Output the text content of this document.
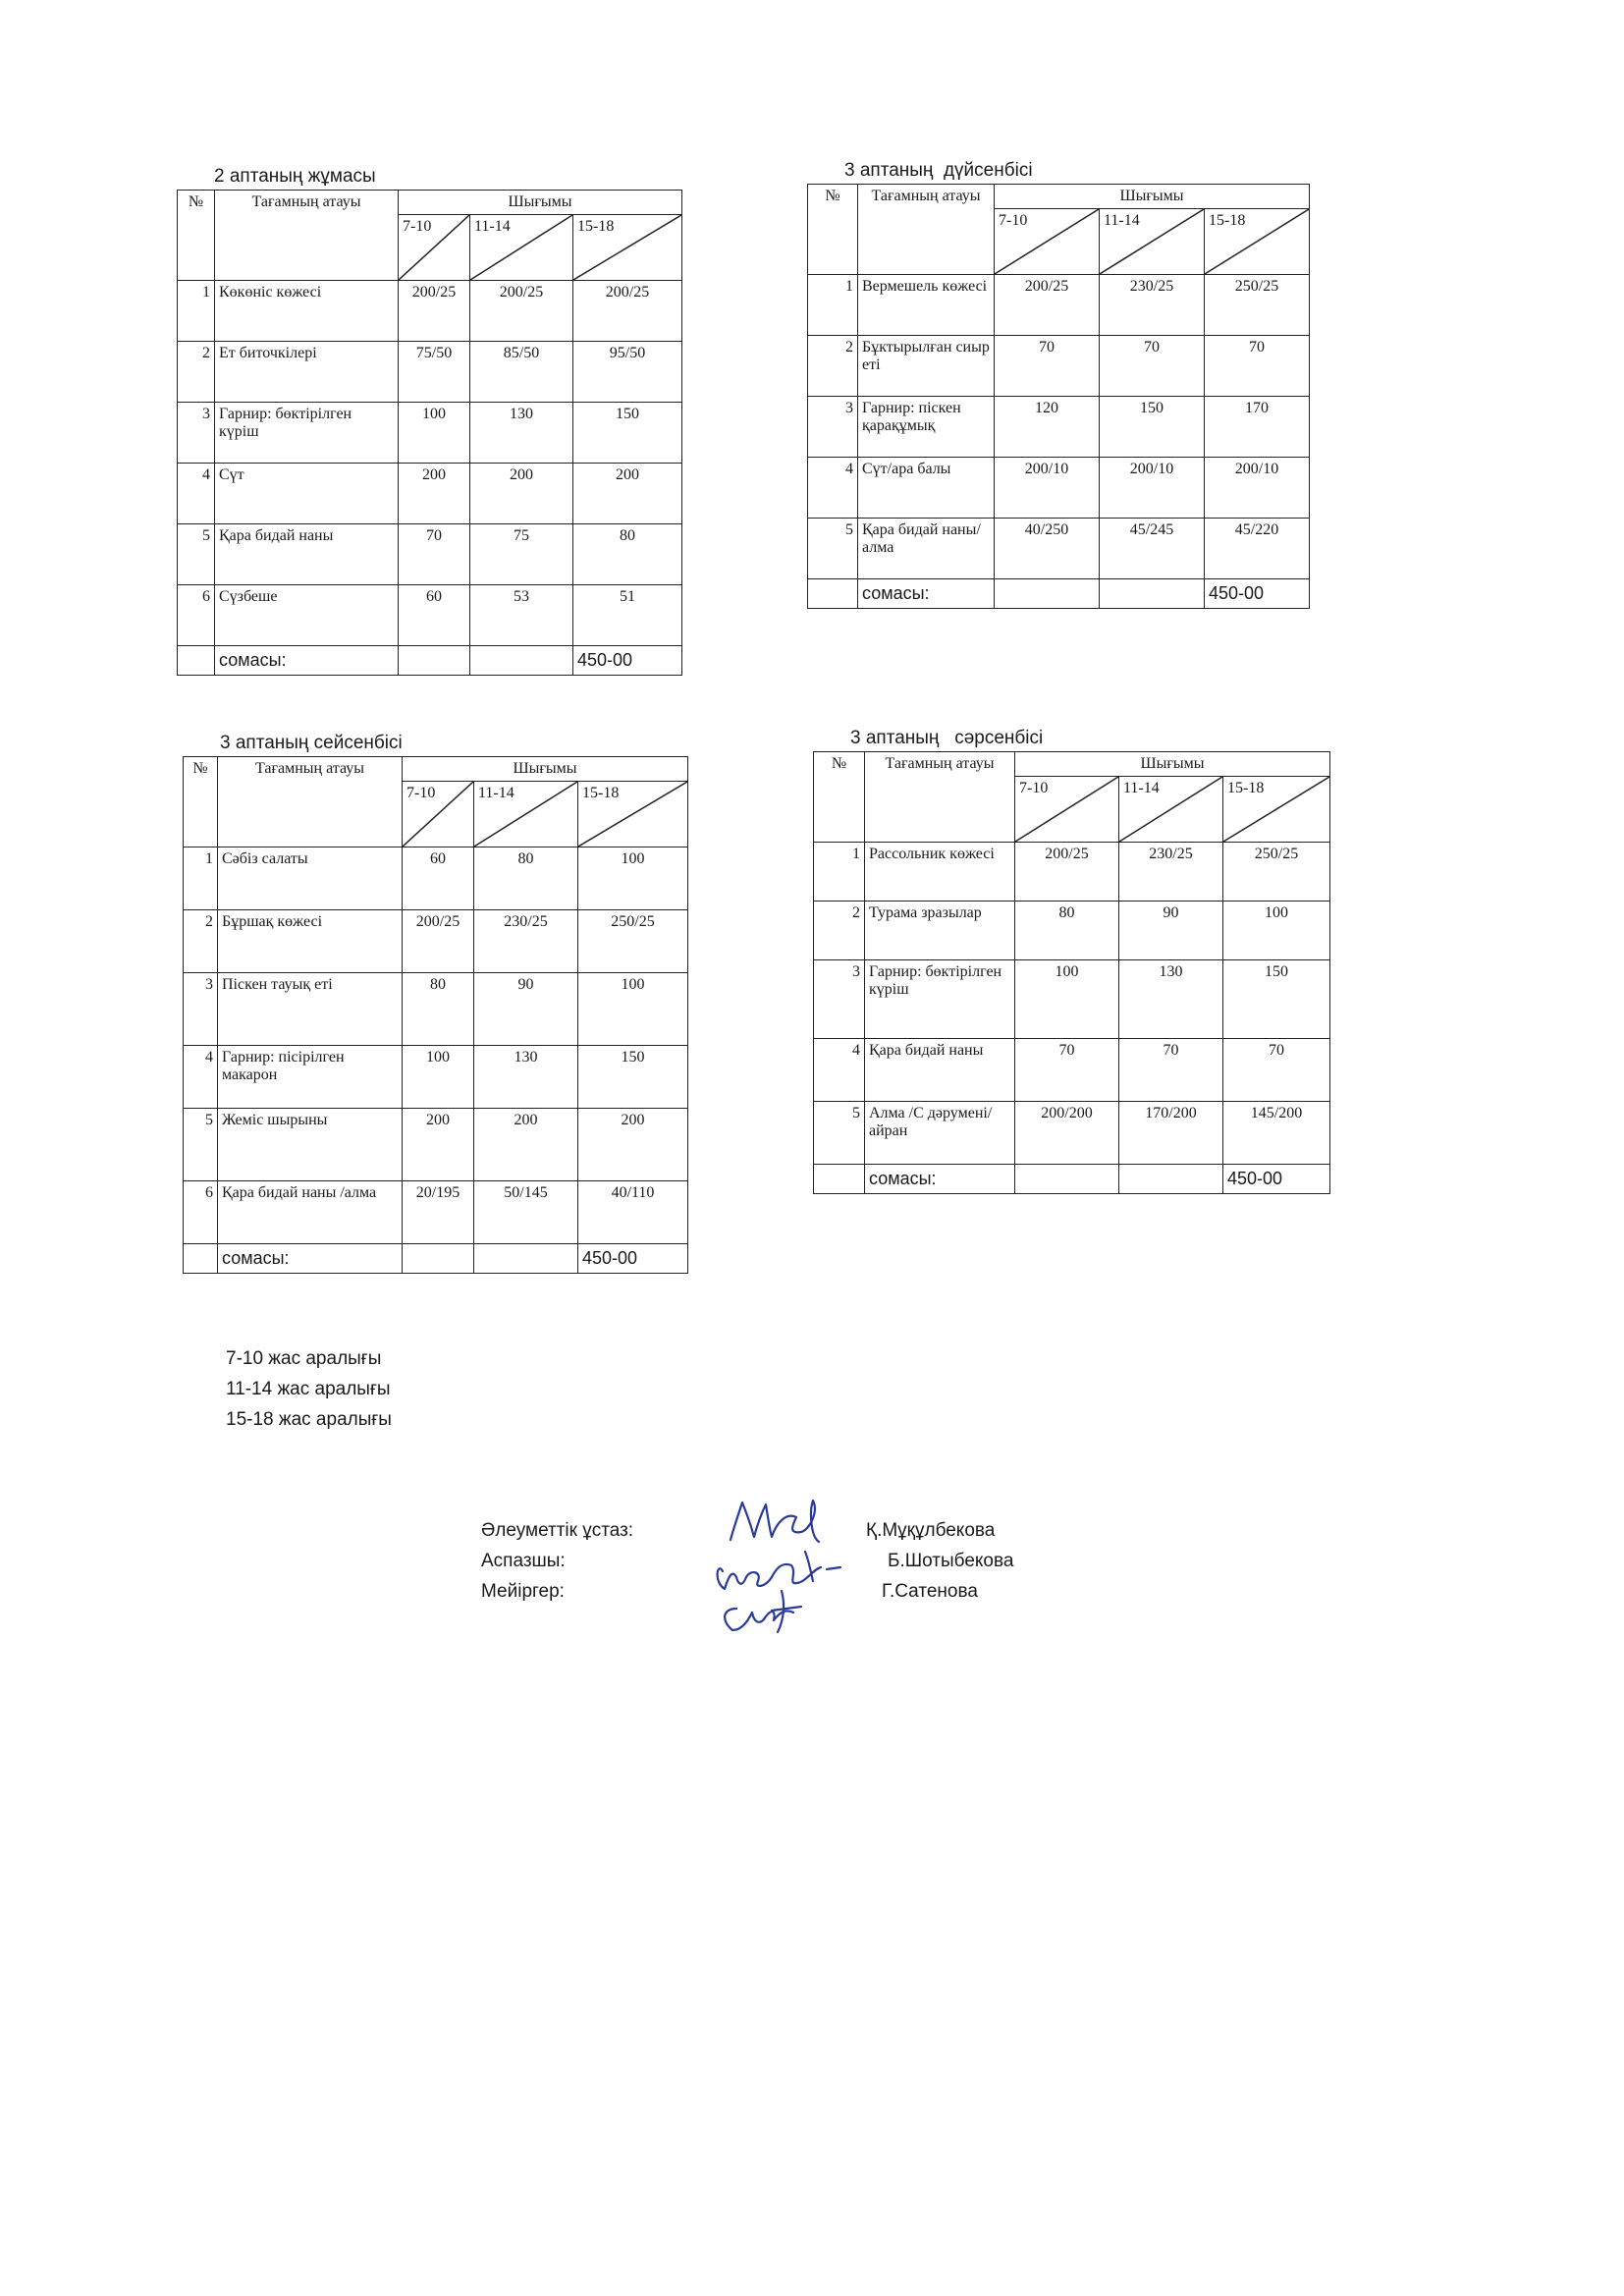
2 аптаның жұмасы
№	Тағамның атауы	Шығымы		
		7-10	11-14	15-18

1	Көкөніс көжесі	200/25	200/25	200/25
2	Ет биточкілері	75/50	85/50	95/50
3	Гарнир: бөктірілген күріш	100	130	150
4	Сүт	200	200	200
5	Қара бидай наны	70	75	80
6	Сүзбеше	60	53	51
	сомасы:			450-00
3 аптаның  дүйсенбісі
№	Тағамның атауы	Шығымы		
		7-10	11-14	15-18

1	Вермешель көжесі	200/25	230/25	250/25
2	Бұктырылған сиыр еті	70	70	70
3	Гарнир: піскен қарақұмық	120	150	170
4	Сүт/ара балы	200/10	200/10	200/10
5	Қара бидай наны/алма	40/250	45/245	45/220
	сомасы:			450-00
3 аптаның сейсенбісі
№	Тағамның атауы	Шығымы		
		7-10	11-14	15-18

1	Сәбіз салаты	60	80	100
2	Бұршақ көжесі	200/25	230/25	250/25
3	Піскен тауық еті	80	90	100
4	Гарнир: пісірілген макарон	100	130	150
5	Жеміс шырыны	200	200	200
6	Қара бидай наны /алма	20/195	50/145	40/110
	сомасы:			450-00
3 аптаның   сәрсенбісі
№	Тағамның атауы	Шығымы		
		7-10	11-14	15-18

1	Рассольник көжесі	200/25	230/25	250/25
2	Турама зразылар	80	90	100
3	Гарнир: бөктірілген күріш	100	130	150
4	Қара бидай наны	70	70	70
5	Алма /С дәрумені/айран	200/200	170/200	145/200
	сомасы:			450-00
7-10 жас аралығы
11-14 жас аралығы
15-18 жас аралығы
Әлеуметтік ұстаз:	Қ.Мұқұлбекова
Аспазшы:	Б.Шотыбекова
Мейіргер:	Г.Сатенова
